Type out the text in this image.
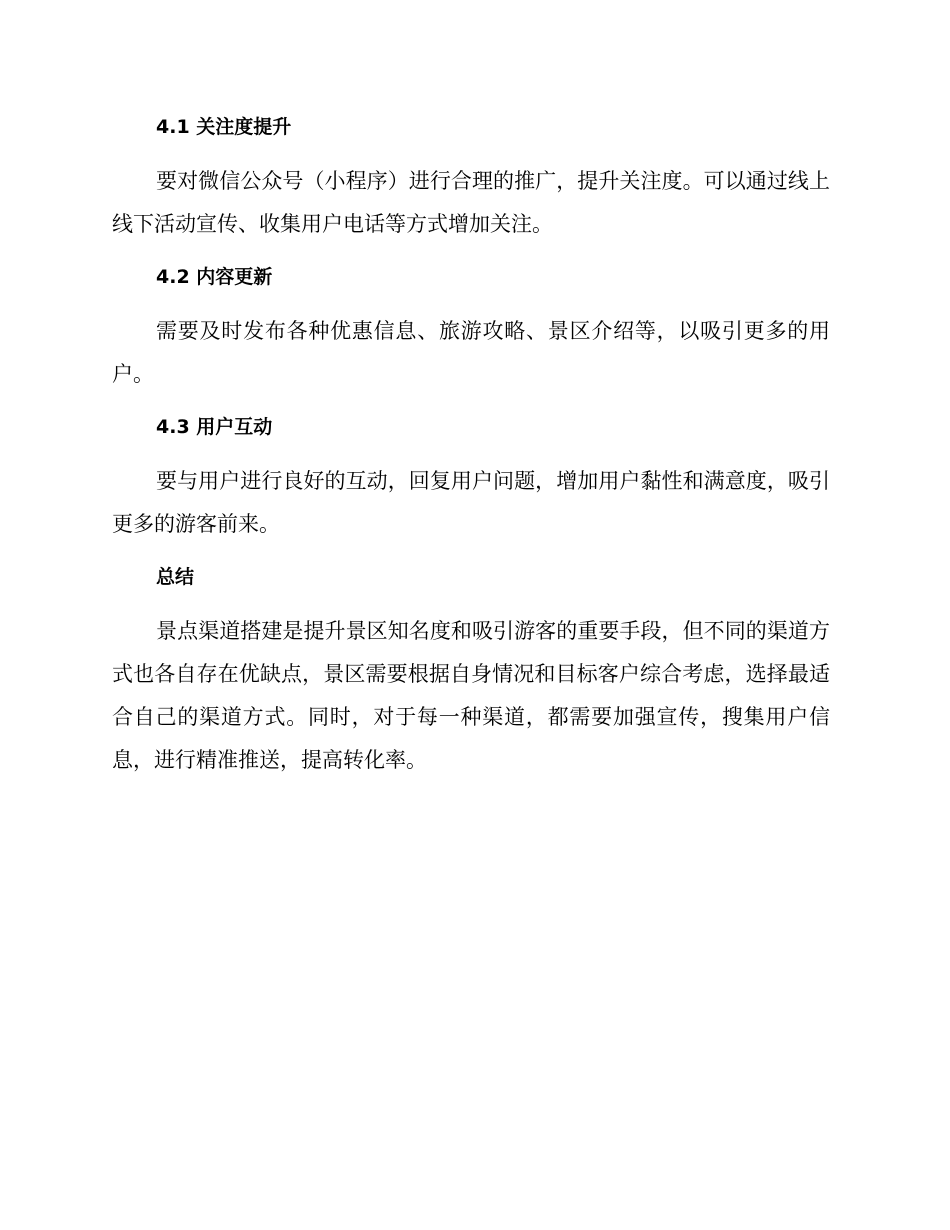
4.1 关注度提升

要对微信公众号（小程序）进行合理的推广，提升关注度。可以通过线上线下活动宣传、收集用户电话等方式增加关注。

4.2 内容更新

需要及时发布各种优惠信息、旅游攻略、景区介绍等，以吸引更多的用户。

4.3 用户互动

要与用户进行良好的互动，回复用户问题，增加用户黏性和满意度，吸引更多的游客前来。

总结

景点渠道搭建是提升景区知名度和吸引游客的重要手段，但不同的渠道方式也各自存在优缺点，景区需要根据自身情况和目标客户综合考虑，选择最适合自己的渠道方式。同时，对于每一种渠道，都需要加强宣传，搜集用户信息，进行精准推送，提高转化率。
